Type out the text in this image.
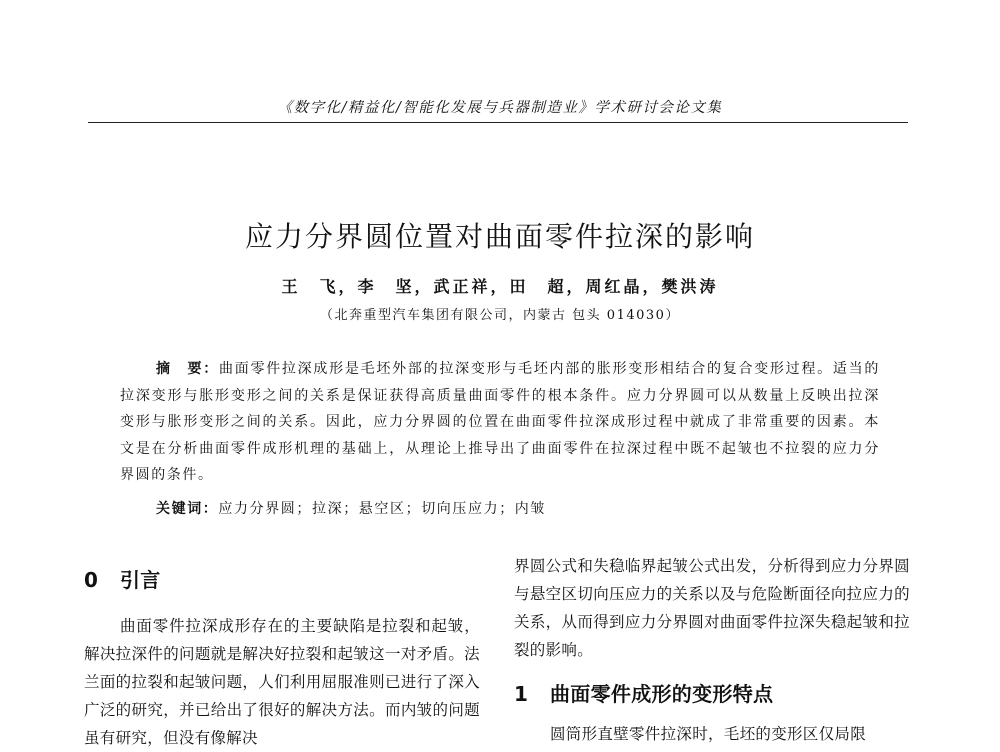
《数字化/精益化/智能化发展与兵器制造业》学术研讨会论文集
应力分界圆位置对曲面零件拉深的影响
王　飞，李　坚，武正祥，田　超，周红晶，樊洪涛
（北奔重型汽车集团有限公司，内蒙古 包头 014030）
摘　要：曲面零件拉深成形是毛坯外部的拉深变形与毛坯内部的胀形变形相结合的复合变形过程。适当的拉深变形与胀形变形之间的关系是保证获得高质量曲面零件的根本条件。应力分界圆可以从数量上反映出拉深变形与胀形变形之间的关系。因此，应力分界圆的位置在曲面零件拉深成形过程中就成了非常重要的因素。本文是在分析曲面零件成形机理的基础上，从理论上推导出了曲面零件在拉深过程中既不起皱也不拉裂的应力分界圆的条件。
关键词：应力分界圆；拉深；悬空区；切向压应力；内皱
0 引言

曲面零件拉深成形存在的主要缺陷是拉裂和起皱，解决拉深件的问题就是解决好拉裂和起皱这一对矛盾。法兰面的拉裂和起皱问题，人们利用屈服准则已进行了深入广泛的研究，并已给出了很好的解决方法。而内皱的问题虽有研究，但没有像解决

界圆公式和失稳临界起皱公式出发，分析得到应力分界圆与悬空区切向压应力的关系以及与危险断面径向拉应力的关系，从而得到应力分界圆对曲面零件拉深失稳起皱和拉裂的影响。

1 曲面零件成形的变形特点

圆筒形直壁零件拉深时，毛坯的变形区仅局限
